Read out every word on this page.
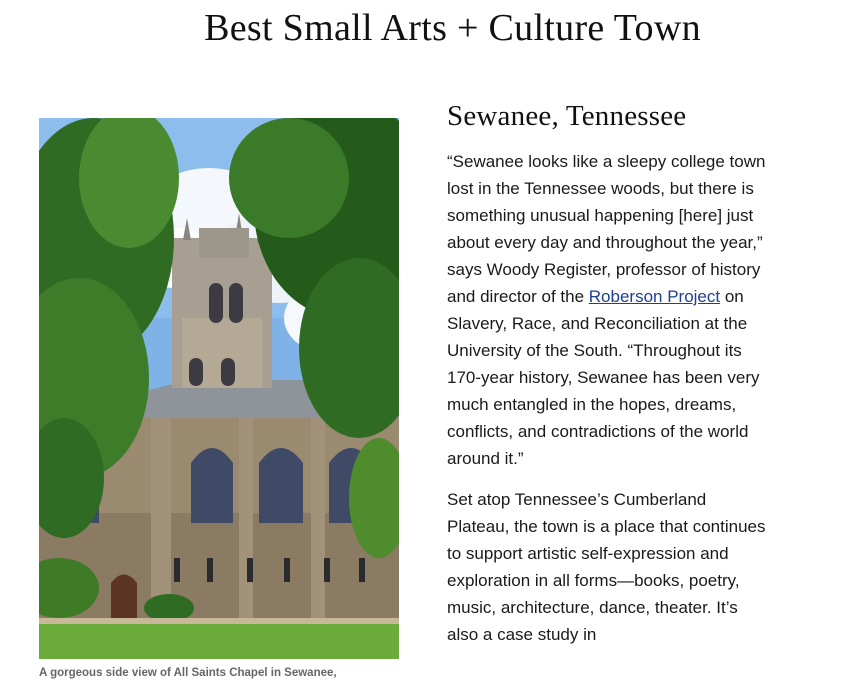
Best Small Arts + Culture Town

A gorgeous side view of All Saints Chapel in Sewanee,

Sewanee, Tennessee

“Sewanee looks like a sleepy college town lost in the Tennessee woods, but there is something unusual happening [here] just about every day and throughout the year,” says Woody Register, professor of history and director of the Roberson Project on Slavery, Race, and Reconciliation at the University of the South. “Throughout its 170-year history, Sewanee has been very much entangled in the hopes, dreams, conflicts, and contradictions of the world around it.”

Set atop Tennessee’s Cumberland Plateau, the town is a place that continues to support artistic self-expression and exploration in all forms—books, poetry, music, architecture, dance, theater. It’s also a case study in
